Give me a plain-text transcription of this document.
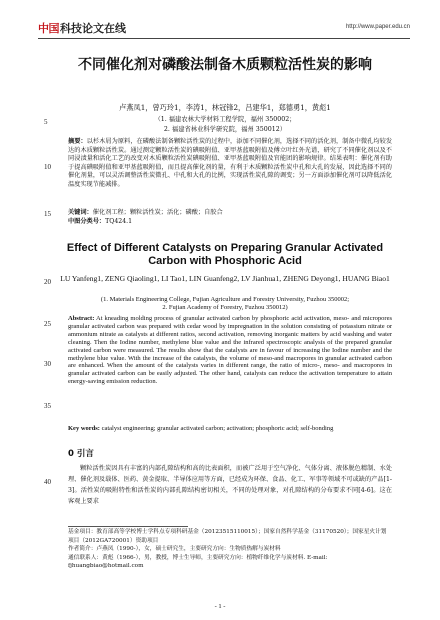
中国 科技论文在线	http://www.paper.edu.cn
5
10
15
20
25
30
35
40
不同催化剂对磷酸法制备木质颗粒活性炭的影响
卢燕凤1，曾巧玲1，李涛1，林冠锋2，吕建华1，郑德勇1，黄彪1
（1. 福建农林大学材料工程学院，福州 350002；
2. 福建省林业科学研究院，福州 350012）

摘要：以杉木屑为原料，在磷酸法制备颗粒活性炭的过程中，添加不同催化剂，选择不同的活化剂，制备中微孔均较发达的木质颗粒活性炭。通过测定颗粒活性炭的碘吸附值、亚甲基蓝吸附值及傅立叶红外光谱，研究了不同催化剂以及不同浸渍量和活化工艺的改变对木质颗粒活性炭碘吸附值、亚甲基蓝吸附值及官能团的影响规律。结果表明：催化剂有助于提高碘吸附值和亚甲基蓝吸附值，而且提高催化剂的量，有利于木质颗粒活性炭中孔和大孔的发展，因此选择不同的催化剂量，可以灵活调整活性炭微孔、中孔和大孔的比例，实现活性炭孔隙的调变；另一方面添加催化剂可以降低活化温度实现节能减排。

关键词：催化剂工程；颗粒活性炭；活化；磷酸；自胶合

中图分类号：TQ424.1

Effect of Different Catalysts on Preparing Granular Activated Carbon with Phosphoric Acid
LU Yanfeng1, ZENG Qiaoling1, LI Tao1, LIN Guanfeng2, LV Jianhua1, ZHENG Deyong1, HUANG Biao1
(1. Materials Engineering College, Fujian Agriculture and Forestry University, Fuzhou 350002;
2. Fujian Academy of Forestry, Fuzhou 350012)

Abstract: At kneading molding process of granular activated carbon by phosphoric acid activation, meso- and micropores granular activated carbon was prepared with cedar wood by impregnation in the solution consisting of potassium nitrate or ammonium nitrate as catalysts at different ratios, second activation, removing inorganic matters by acid washing and water cleaning. Then the Iodine number, methylene blue value and the infrared spectroscopic analysis of the prepared granular activated carbon were measured. The results show that the catalysts are in favour of increasing the Iodine number and the methylene blue value. With the increase of the catalysts, the volume of meso-and macropores in granular activated carbon are enhanced. When the amount of the catalysts varies in different range, the ratio of micro-, meso- and macropores in granular activated carbon can be easily adjusted. The other hand, catalysts can reduce the activation temperature to attain energy-saving emission reduction.

Key words: catalyst engineering; granular activated carbon; activation; phosphoric acid; self-bonding

0 引言

颗粒活性炭因具有丰富的内部孔隙结构和高的比表面积，而被广泛用于空气净化、气体分离、液体脱色精制、水处理、催化剂及载体、医药、黄金提取、半导体应用等方面，已经成为环保、食品、化工、军事等领域不可或缺的产品[1-3]。活性炭的吸附特性和活性炭的内部孔隙结构密切相关，不同的处理对象，对孔隙结构的分布要求不同[4-6]。这在客观上要求

基金项目：教育部高等学校博士学科点专项科研基金（20123515110015）；国家自然科学基金（31170520）；国家星火计划项目（2012GA720001）资助项目
作者简介：卢燕凤（1990-），女，硕士研究生，主要研究方向：生物质热解与炭材料
通信联系人：黄彪（1966-），男，教授，博士生导师，主要研究方向：植物纤维化学与炭材料. E-mail: fjhuangbiao@hotmail.com
- 1 -
